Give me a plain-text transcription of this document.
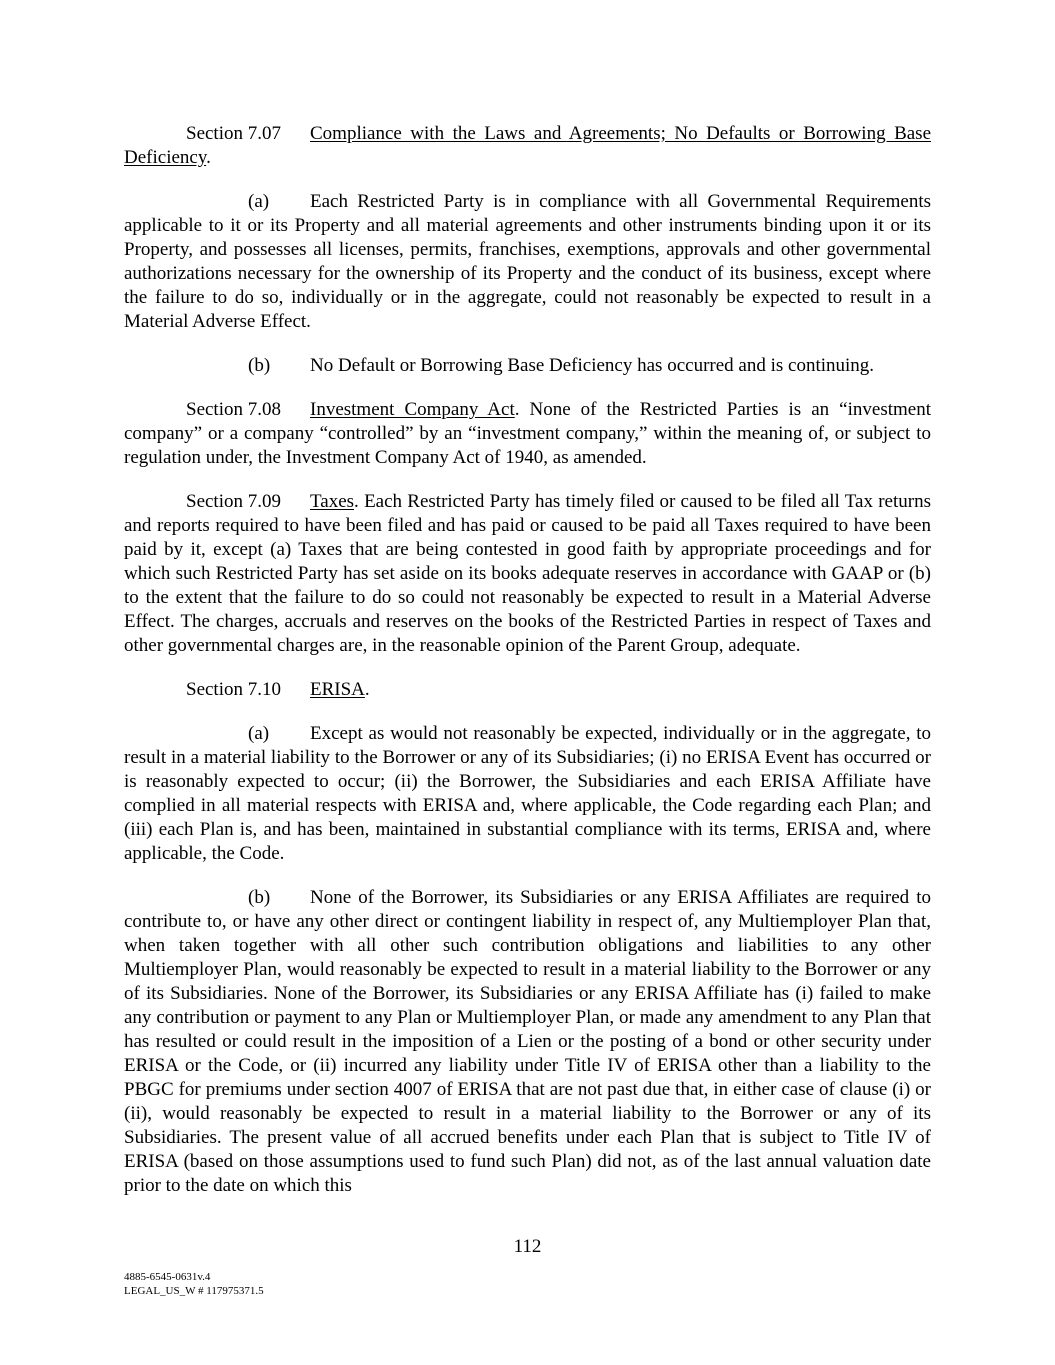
Section 7.07 Compliance with the Laws and Agreements; No Defaults or Borrowing Base Deficiency.

(a) Each Restricted Party is in compliance with all Governmental Requirements applicable to it or its Property and all material agreements and other instruments binding upon it or its Property, and possesses all licenses, permits, franchises, exemptions, approvals and other governmental authorizations necessary for the ownership of its Property and the conduct of its business, except where the failure to do so, individually or in the aggregate, could not reasonably be expected to result in a Material Adverse Effect.

(b) No Default or Borrowing Base Deficiency has occurred and is continuing.

Section 7.08 Investment Company Act. None of the Restricted Parties is an “investment company” or a company “controlled” by an “investment company,” within the meaning of, or subject to regulation under, the Investment Company Act of 1940, as amended.

Section 7.09 Taxes. Each Restricted Party has timely filed or caused to be filed all Tax returns and reports required to have been filed and has paid or caused to be paid all Taxes required to have been paid by it, except (a) Taxes that are being contested in good faith by appropriate proceedings and for which such Restricted Party has set aside on its books adequate reserves in accordance with GAAP or (b) to the extent that the failure to do so could not reasonably be expected to result in a Material Adverse Effect. The charges, accruals and reserves on the books of the Restricted Parties in respect of Taxes and other governmental charges are, in the reasonable opinion of the Parent Group, adequate.

Section 7.10 ERISA.

(a) Except as would not reasonably be expected, individually or in the aggregate, to result in a material liability to the Borrower or any of its Subsidiaries; (i) no ERISA Event has occurred or is reasonably expected to occur; (ii) the Borrower, the Subsidiaries and each ERISA Affiliate have complied in all material respects with ERISA and, where applicable, the Code regarding each Plan; and (iii) each Plan is, and has been, maintained in substantial compliance with its terms, ERISA and, where applicable, the Code.

(b) None of the Borrower, its Subsidiaries or any ERISA Affiliates are required to contribute to, or have any other direct or contingent liability in respect of, any Multiemployer Plan that, when taken together with all other such contribution obligations and liabilities to any other Multiemployer Plan, would reasonably be expected to result in a material liability to the Borrower or any of its Subsidiaries. None of the Borrower, its Subsidiaries or any ERISA Affiliate has (i) failed to make any contribution or payment to any Plan or Multiemployer Plan, or made any amendment to any Plan that has resulted or could result in the imposition of a Lien or the posting of a bond or other security under ERISA or the Code, or (ii) incurred any liability under Title IV of ERISA other than a liability to the PBGC for premiums under section 4007 of ERISA that are not past due that, in either case of clause (i) or (ii), would reasonably be expected to result in a material liability to the Borrower or any of its Subsidiaries. The present value of all accrued benefits under each Plan that is subject to Title IV of ERISA (based on those assumptions used to fund such Plan) did not, as of the last annual valuation date prior to the date on which this

112
4885-6545-0631v.4
LEGAL_US_W # 117975371.5
